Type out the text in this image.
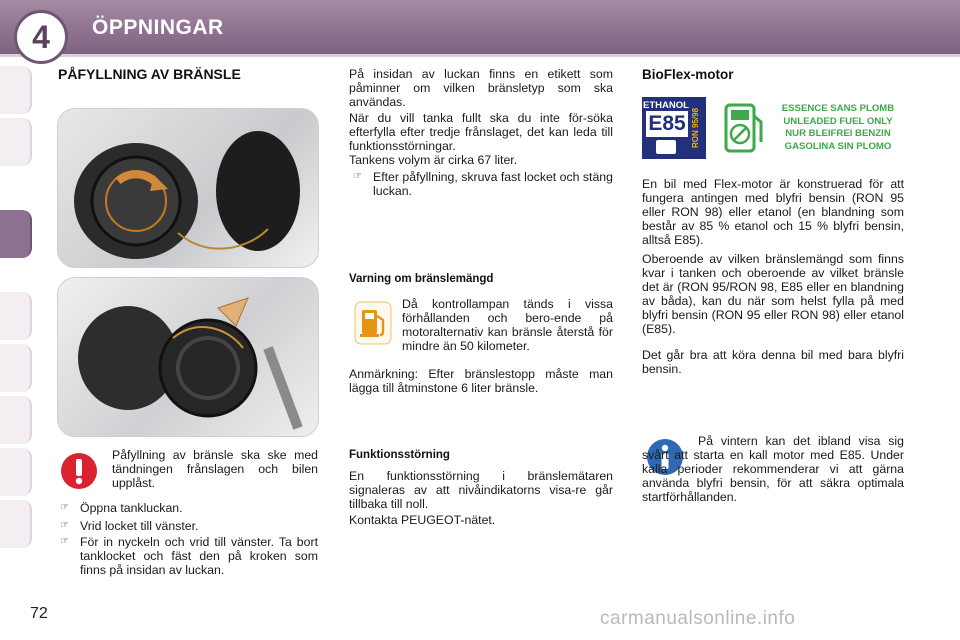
4	ÖPPNINGAR
PÅFYLLNING AV BRÄNSLE

Påfyllning av bränsle ska ske med tändningen frånslagen och bilen upplåst.

☞ Öppna tankluckan.
☞ Vrid locket till vänster.
☞ För in nyckeln och vrid till vänster. Ta bort tanklocket och fäst den på kroken som finns på insidan av luckan.

På insidan av luckan finns en etikett som påminner om vilken bränsletyp som ska användas.

När du vill tanka fullt ska du inte för-söka efterfylla efter tredje frånslaget, det kan leda till funktionsstörningar.

Tankens volym är cirka 67 liter.

☞ Efter påfyllning, skruva fast locket och stäng luckan.
Varning om bränslemängd

Då kontrollampan tänds i vissa förhållanden och bero-ende på motoralternativ kan bränsle återstå för mindre än 50 kilometer.

Anmärkning: Efter bränslestopp måste man lägga till åtminstone 6 liter bränsle.

Funktionsstörning

En funktionsstörning i bränslemätaren signaleras av att nivåindikatorns visa-re går tillbaka till noll.

Kontakta PEUGEOT-nätet.

BioFlex-motor
ETHANOL
E85 RON 95/98	ESSENCE SANS PLOMB
UNLEADED FUEL ONLY
NUR BLEIFREI BENZIN
GASOLINA SIN PLOMO

En bil med Flex-motor är konstruerad för att fungera antingen med blyfri bensin (RON 95 eller RON 98) eller etanol (en blandning som består av 85 % etanol och 15 % blyfri bensin, alltså E85).

Oberoende av vilken bränslemängd som finns kvar i tanken och oberoende av vilket bränsle det är (RON 95/RON 98, E85 eller en blandning av båda), kan du när som helst fylla på med blyfri bensin (RON 95 eller RON 98) eller etanol (E85).

Det går bra att köra denna bil med bara blyfri bensin.

På vintern kan det ibland visa sig svårt att starta en kall motor med E85. Under kalla perioder rekommenderar vi att gärna använda blyfri bensin, för att säkra optimala startförhållanden.

72	carmanualsonline.info
